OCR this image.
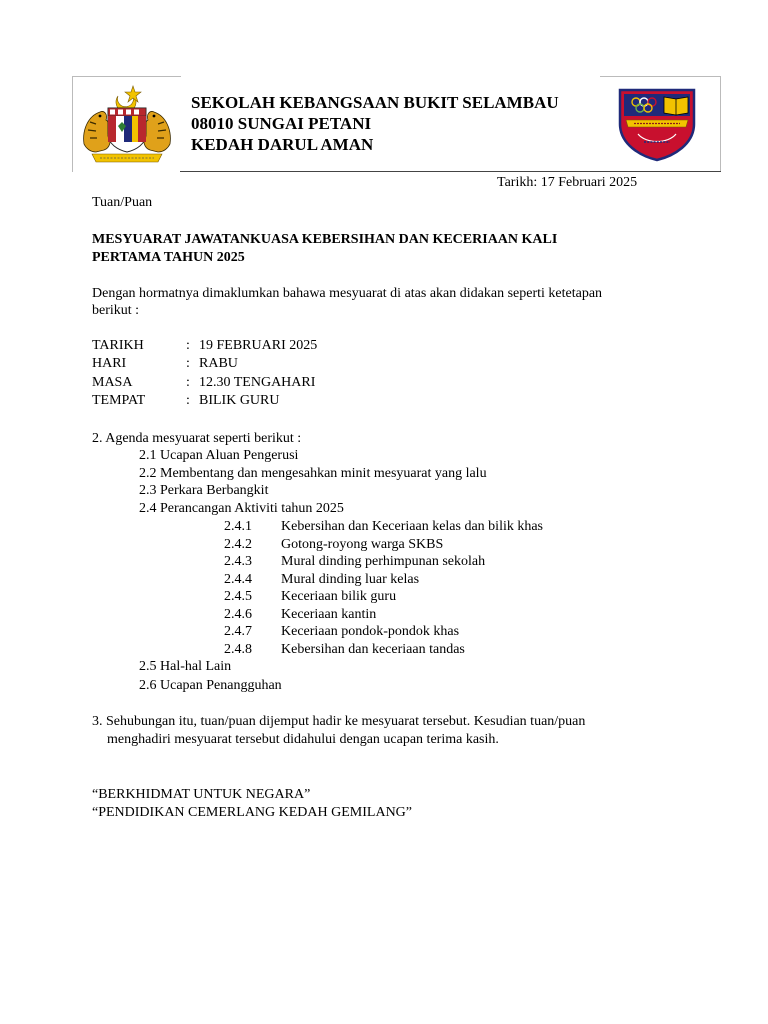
SEKOLAH KEBANGSAAN BUKIT SELAMBAU
08010 SUNGAI PETANI
KEDAH DARUL AMAN
Tarikh: 17 Februari 2025
Tuan/Puan
MESYUARAT JAWATANKUASA KEBERSIHAN DAN KECERIAAN KALI
PERTAMA TAHUN 2025
Dengan hormatnya dimaklumkan bahawa mesyuarat di atas akan didakan seperti ketetapan
berikut :
TARIKH	: 19 FEBRUARI 2025
HARI	: RABU
MASA	: 12.30 TENGAHARI
TEMPAT	: BILIK GURU
2. Agenda mesyuarat seperti berikut :
2.1 Ucapan Aluan Pengerusi
2.2 Membentang dan mengesahkan minit mesyuarat yang lalu
2.3 Perkara Berbangkit
2.4 Perancangan Aktiviti tahun 2025
2.4.1 Kebersihan dan Keceriaan kelas dan bilik khas
2.4.2 Gotong-royong warga SKBS
2.4.3 Mural dinding perhimpunan sekolah
2.4.4 Mural dinding luar kelas
2.4.5 Keceriaan bilik guru
2.4.6 Keceriaan kantin
2.4.7 Keceriaan pondok-pondok khas
2.4.8 Kebersihan dan keceriaan tandas
2.5 Hal-hal Lain
2.6 Ucapan Penangguhan
3. Sehubungan itu, tuan/puan dijemput hadir ke mesyuarat tersebut. Kesudian tuan/puan
menghadiri mesyuarat tersebut didahului dengan ucapan terima kasih.
“BERKHIDMAT UNTUK NEGARA”
“PENDIDIKAN CEMERLANG KEDAH GEMILANG”
